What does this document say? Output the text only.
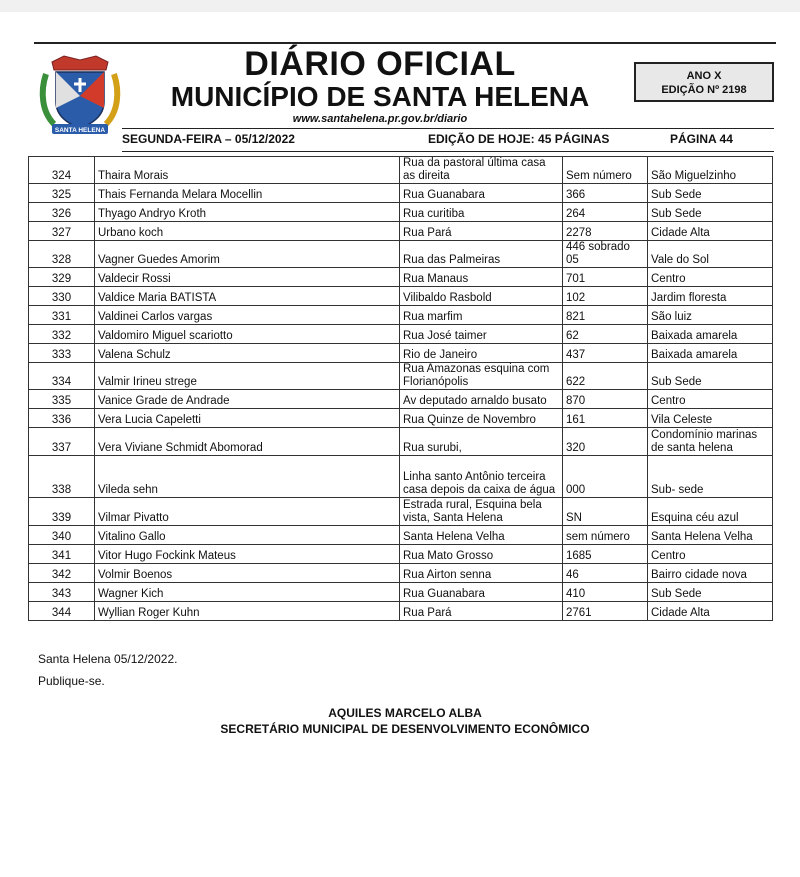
SANTA HELENA
DIÁRIO OFICIAL
MUNICÍPIO DE SANTA HELENA
www.santahelena.pr.gov.br/diario
ANO X
EDIÇÃO Nº 2198
SEGUNDA-FEIRA – 05/12/2022	EDIÇÃO DE HOJE: 45 PÁGINAS	PÁGINA 44
324	Thaira Morais	Rua da pastoral última casa as direita	Sem número	São Miguelzinho
325	Thais Fernanda Melara Mocellin	Rua Guanabara	366	Sub Sede
326	Thyago Andryo Kroth	Rua curitiba	264	Sub Sede
327	Urbano koch	Rua Pará	2278	Cidade Alta
328	Vagner Guedes Amorim	Rua das Palmeiras	446 sobrado 05	Vale do Sol
329	Valdecir Rossi	Rua Manaus	701	Centro
330	Valdice Maria BATISTA	Vilibaldo Rasbold	102	Jardim floresta
331	Valdinei Carlos vargas	Rua marfim	821	São luiz
332	Valdomiro Miguel scariotto	Rua José taimer	62	Baixada amarela
333	Valena Schulz	Rio de Janeiro	437	Baixada amarela
334	Valmir Irineu strege	Rua Amazonas esquina com Florianópolis	622	Sub Sede
335	Vanice Grade de Andrade	Av deputado arnaldo busato	870	Centro
336	Vera Lucia Capeletti	Rua Quinze de Novembro	161	Vila Celeste
337	Vera Viviane Schmidt Abomorad	Rua surubi,	320	Condomínio marinas de santa helena
338	Vileda sehn	Linha santo Antônio terceira casa depois da caixa de água	000	Sub- sede
339	Vilmar Pivatto	Estrada rural, Esquina bela vista, Santa Helena	SN	Esquina céu azul
340	Vitalino Gallo	Santa Helena Velha	sem número	Santa Helena Velha
341	Vitor Hugo Fockink Mateus	Rua Mato Grosso	1685	Centro
342	Volmir Boenos	Rua Airton senna	46	Bairro cidade nova
343	Wagner Kich	Rua Guanabara	410	Sub Sede
344	Wyllian Roger Kuhn	Rua Pará	2761	Cidade Alta
Santa Helena 05/12/2022.
Publique-se.
AQUILES MARCELO ALBA
SECRETÁRIO MUNICIPAL DE DESENVOLVIMENTO ECONÔMICO
